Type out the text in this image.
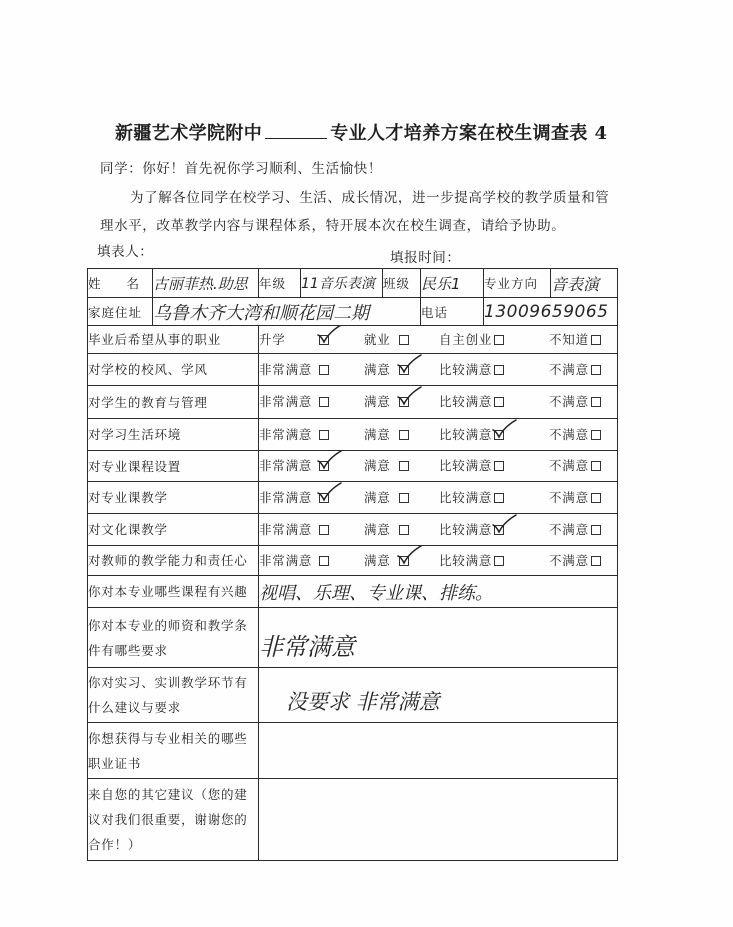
新疆艺术学院附中	专业人才培养方案在校生调查表 4
同学：你好！首先祝你学习顺利、生活愉快！
为了解各位同学在校学习、生活、成长情况，进一步提高学校的教学质量和管
理水平，改革教学内容与课程体系，特开展本次在校生调查，请给予协助。
填表人：	填报时间：
姓 名	古丽菲热.助思	年级	11音乐表演	班级	民乐1	专业方向	音表演
家庭住址	乌鲁木齐大湾和顺花园二期				电话	13009659065	
毕业后希望从事的职业		升学 就业 自主创业 不知道					

对学校的校风、学风		非常满意 满意 比较满意 不满意					

对学生的教育与管理		非常满意 满意 比较满意 不满意					

对学习生活环境		非常满意 满意 比较满意 不满意					

对专业课程设置		非常满意 满意 比较满意 不满意					

对专业课教学		非常满意 满意 比较满意 不满意					

对文化课教学		非常满意 满意 比较满意 不满意					

对教师的教学能力和责任心		非常满意 满意 比较满意 不满意					

你对本专业哪些课程有兴趣		视唱、乐理、专业课、排练。					
你对本专业的师资和教学条件有哪些要求		非常满意					
你对实习、实训教学环节有什么建议与要求		没要求 非常满意					
你想获得与专业相关的哪些职业证书							
来自您的其它建议（您的建议对我们很重要，谢谢您的合作！）							
